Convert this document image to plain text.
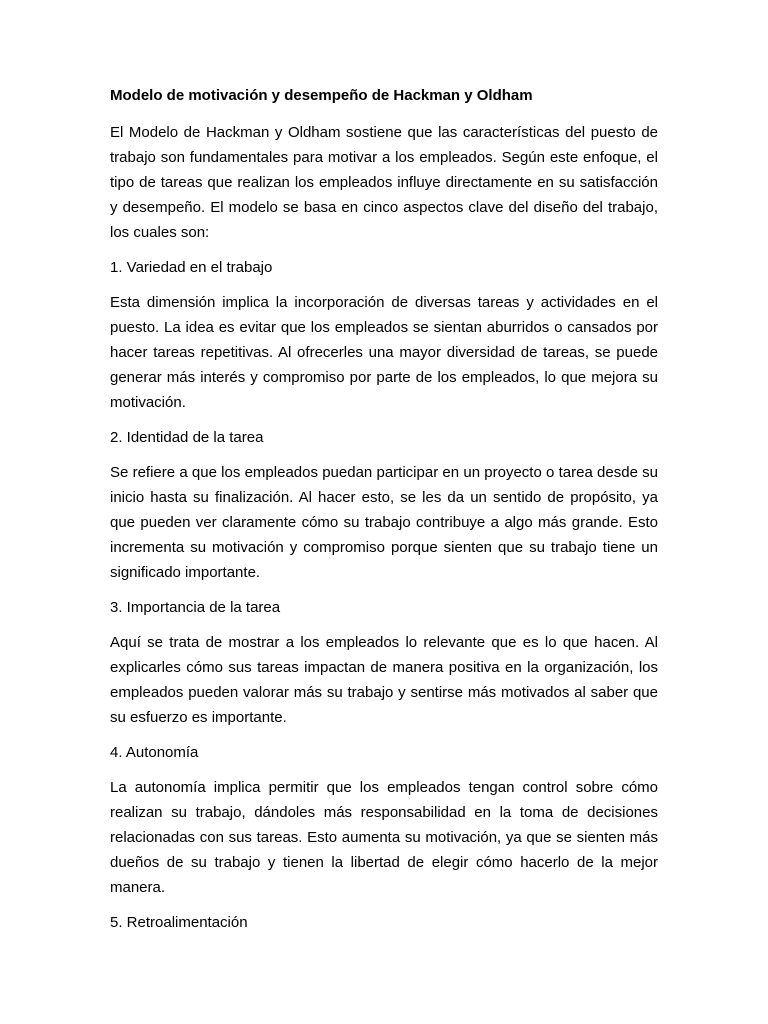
Modelo de motivación y desempeño de Hackman y Oldham
El Modelo de Hackman y Oldham sostiene que las características del puesto de trabajo son fundamentales para motivar a los empleados. Según este enfoque, el tipo de tareas que realizan los empleados influye directamente en su satisfacción y desempeño. El modelo se basa en cinco aspectos clave del diseño del trabajo, los cuales son:
1. Variedad en el trabajo
Esta dimensión implica la incorporación de diversas tareas y actividades en el puesto. La idea es evitar que los empleados se sientan aburridos o cansados por hacer tareas repetitivas. Al ofrecerles una mayor diversidad de tareas, se puede generar más interés y compromiso por parte de los empleados, lo que mejora su motivación.
2. Identidad de la tarea
Se refiere a que los empleados puedan participar en un proyecto o tarea desde su inicio hasta su finalización. Al hacer esto, se les da un sentido de propósito, ya que pueden ver claramente cómo su trabajo contribuye a algo más grande. Esto incrementa su motivación y compromiso porque sienten que su trabajo tiene un significado importante.
3. Importancia de la tarea
Aquí se trata de mostrar a los empleados lo relevante que es lo que hacen. Al explicarles cómo sus tareas impactan de manera positiva en la organización, los empleados pueden valorar más su trabajo y sentirse más motivados al saber que su esfuerzo es importante.
4. Autonomía
La autonomía implica permitir que los empleados tengan control sobre cómo realizan su trabajo, dándoles más responsabilidad en la toma de decisiones relacionadas con sus tareas. Esto aumenta su motivación, ya que se sienten más dueños de su trabajo y tienen la libertad de elegir cómo hacerlo de la mejor manera.
5. Retroalimentación
